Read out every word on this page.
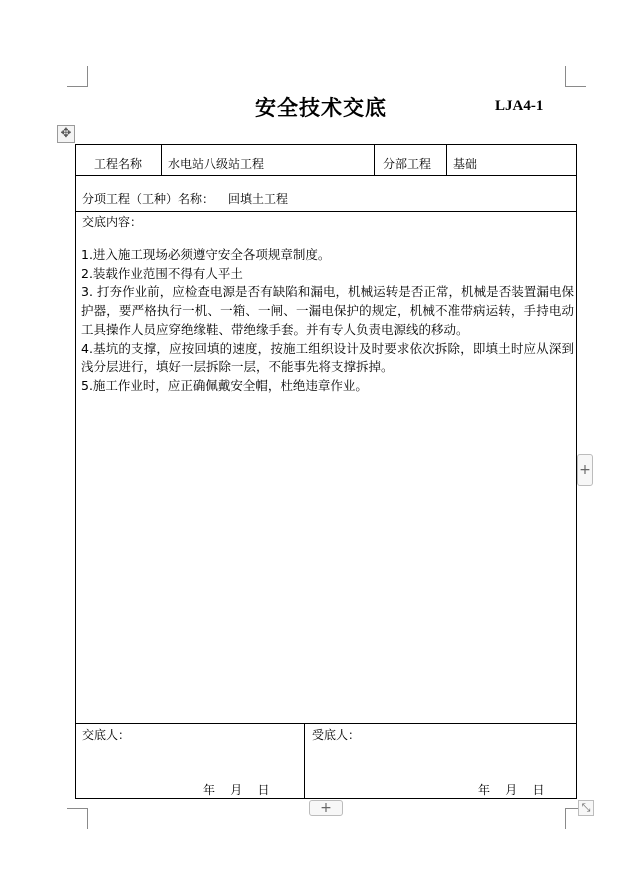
安全技术交底	LJA4-1
✥
工程名称 水电站八级站工程	分部工程 基础
分项工程（工种）名称： 回填土工程
交底内容：

1.进入施工现场必须遵守安全各项规章制度。

2.装载作业范围不得有人平土

3. 打夯作业前，应检查电源是否有缺陷和漏电，机械运转是否正常，机械是否装置漏电保护器，要严格执行一机、一箱、一闸、一漏电保护的规定，机械不准带病运转，手持电动工具操作人员应穿绝缘鞋、带绝缘手套。并有专人负责电源线的移动。

4.基坑的支撑，应按回填的速度，按施工组织设计及时要求依次拆除，即填土时应从深到浅分层进行，填好一层拆除一层，不能事先将支撑拆掉。

5.施工作业时，应正确佩戴安全帽，杜绝违章作业。

交底人：
年    月    日
受底人：
年    月    日
+
+	⤡
